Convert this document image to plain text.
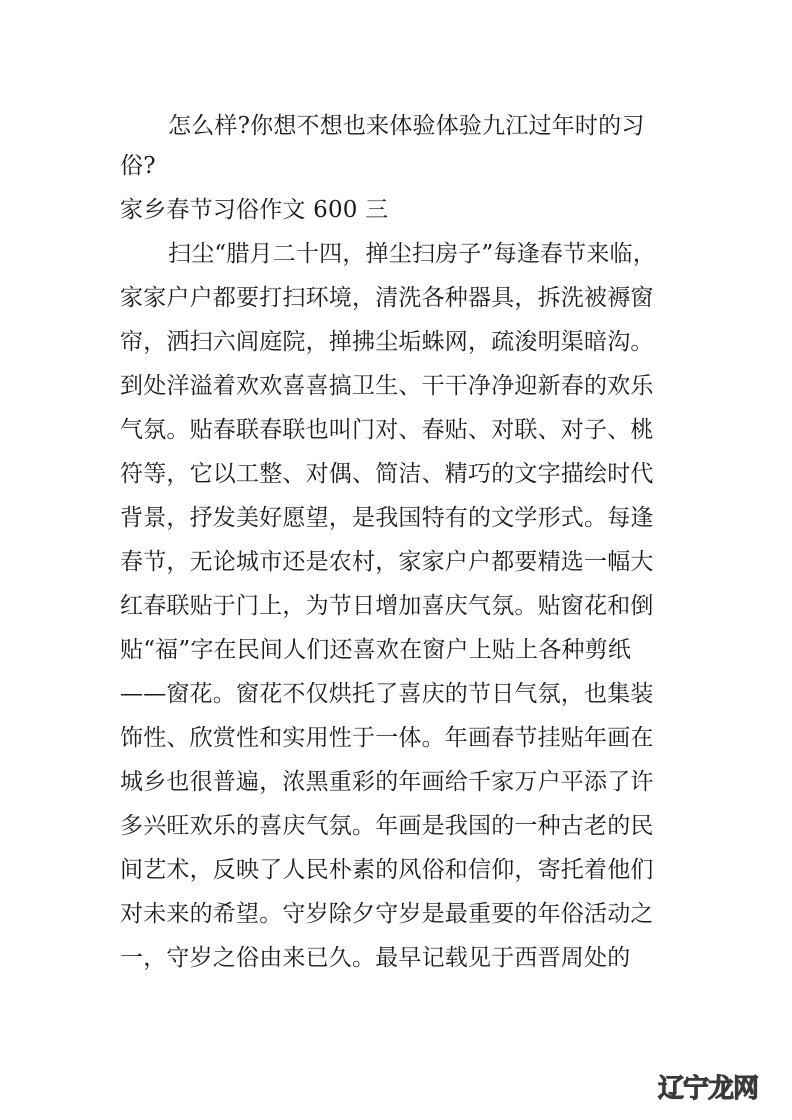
怎么样?你想不想也来体验体验九江过年时的习
俗?
家乡春节习俗作文 600 三
扫尘“腊月二十四，掸尘扫房子”每逢春节来临，
家家户户都要打扫环境，清洗各种器具，拆洗被褥窗
帘，洒扫六闾庭院，掸拂尘垢蛛网，疏浚明渠暗沟。
到处洋溢着欢欢喜喜搞卫生、干干净净迎新春的欢乐
气氛。贴春联春联也叫门对、春贴、对联、对子、桃
符等，它以工整、对偶、简洁、精巧的文字描绘时代
背景，抒发美好愿望，是我国特有的文学形式。每逢
春节，无论城市还是农村，家家户户都要精选一幅大
红春联贴于门上，为节日增加喜庆气氛。贴窗花和倒
贴“福”字在民间人们还喜欢在窗户上贴上各种剪纸
——窗花。窗花不仅烘托了喜庆的节日气氛，也集装
饰性、欣赏性和实用性于一体。年画春节挂贴年画在
城乡也很普遍，浓黑重彩的年画给千家万户平添了许
多兴旺欢乐的喜庆气氛。年画是我国的一种古老的民
间艺术，反映了人民朴素的风俗和信仰，寄托着他们
对未来的希望。守岁除夕守岁是最重要的年俗活动之
一，守岁之俗由来已久。最早记载见于西晋周处的
辽宁龙网
